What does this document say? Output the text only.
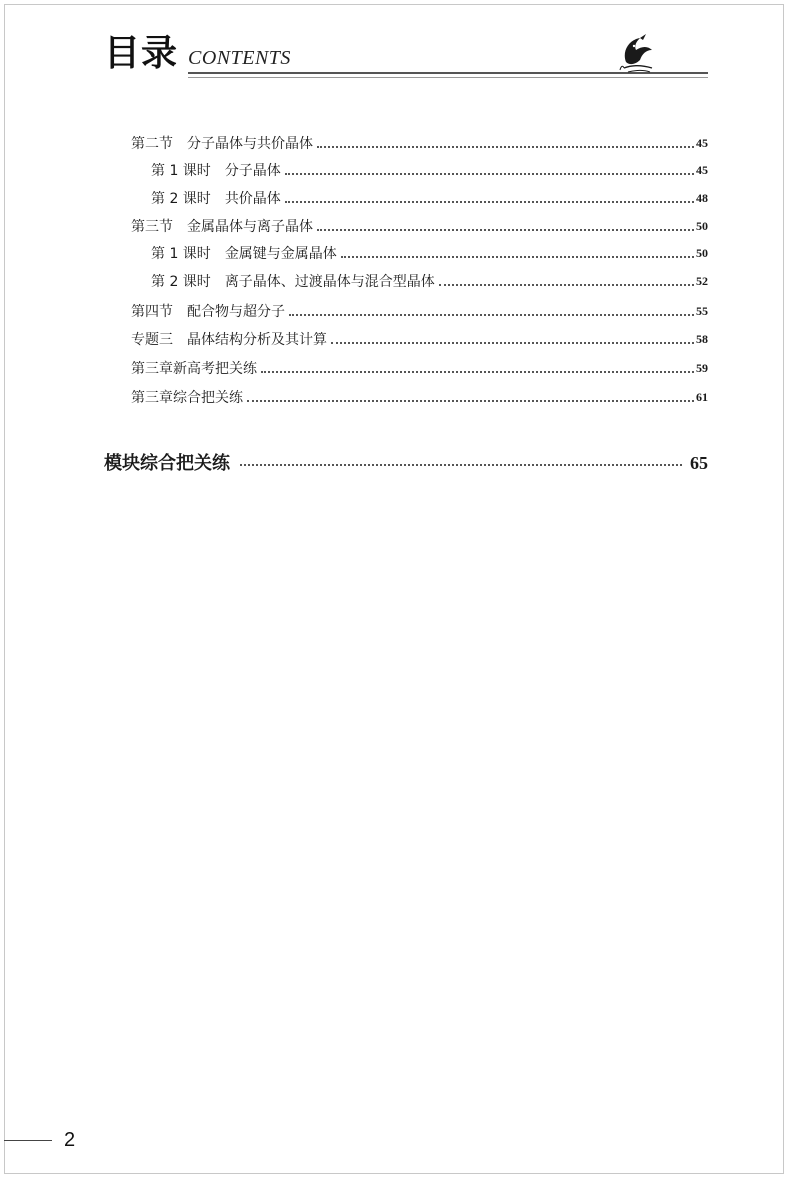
目录 CONTENTS
第二节 分子晶体与共价晶体	45
第 1 课时 分子晶体	45
第 2 课时 共价晶体	48
第三节 金属晶体与离子晶体	50
第 1 课时 金属键与金属晶体	50
第 2 课时 离子晶体、过渡晶体与混合型晶体	52
第四节 配合物与超分子	55
专题三 晶体结构分析及其计算	58
第三章新高考把关练	59
第三章综合把关练	61
模块综合把关练	65
2
